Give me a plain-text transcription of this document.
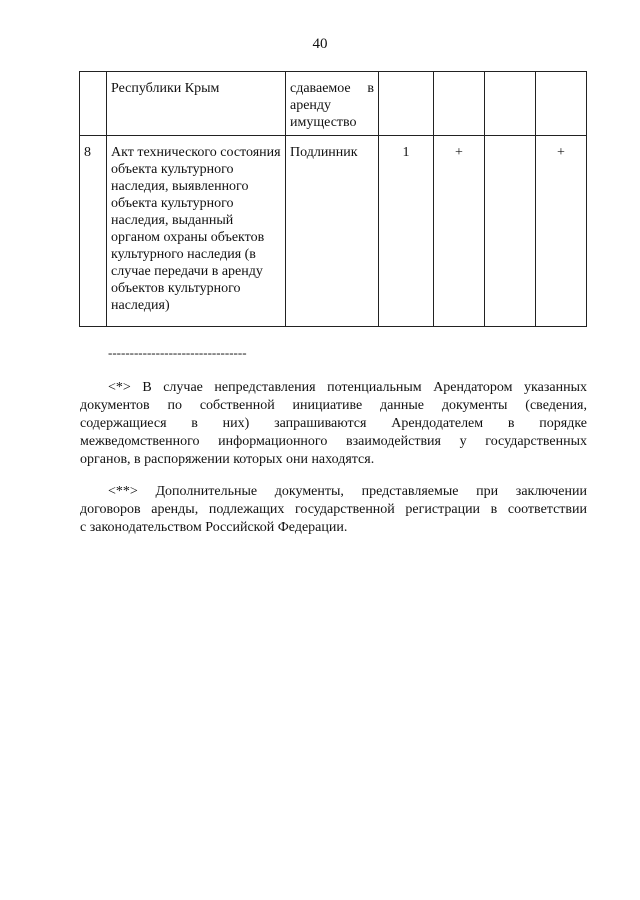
40
	Республики Крым	сдаваемое в
аренду
имущество				
8	Акт технического состояния объекта культурного наследия, выявленного объекта культурного наследия, выданный органом охраны объектов культурного наследия (в случае передачи в аренду объектов культурного наследия)	Подлинник	1	+		+
--------------------------------
<*> В случае непредставления потенциальным Арендатором указанных
документов по собственной инициативе данные документы (сведения,
содержащиеся в них) запрашиваются Арендодателем в порядке
межведомственного информационного взаимодействия у государственных
органов, в распоряжении которых они находятся.
<**> Дополнительные документы, представляемые при заключении
договоров аренды, подлежащих государственной регистрации в соответствии
с законодательством Российской Федерации.
